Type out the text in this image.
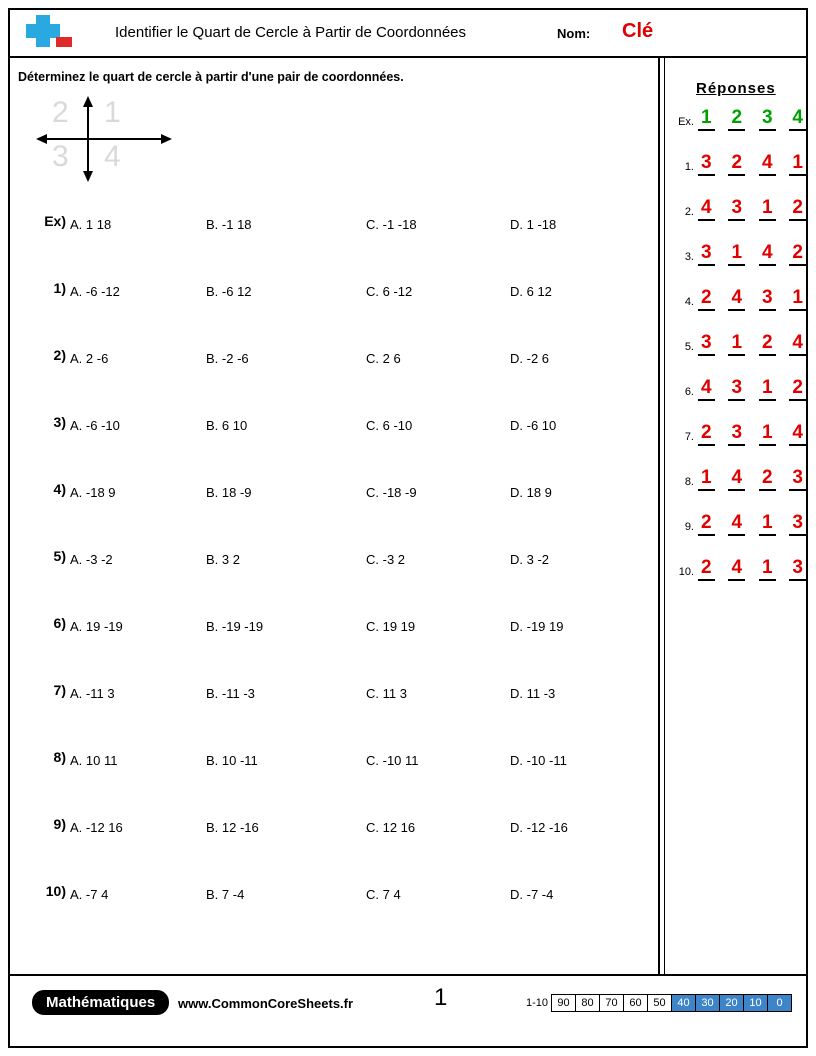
Identifier le Quart de Cercle à Partir de Coordonnées	Nom: Clé
Déterminez le quart de cercle à partir d'une pair de coordonnées.
2 1
3 4
Ex) A. 1 18	B. -1 18	C. -1 -18	D. 1 -18
1) A. -6 -12	B. -6 12	C. 6 -12	D. 6 12
2) A. 2 -6	B. -2 -6	C. 2 6	D. -2 6
3) A. -6 -10	B. 6 10	C. 6 -10	D. -6 10
4) A. -18 9	B. 18 -9	C. -18 -9	D. 18 9
5) A. -3 -2	B. 3 2	C. -3 2	D. 3 -2
6) A. 19 -19	B. -19 -19	C. 19 19	D. -19 19
7) A. -11 3	B. -11 -3	C. 11 3	D. 11 -3
8) A. 10 11	B. 10 -11	C. -10 11	D. -10 -11
9) A. -12 16	B. 12 -16	C. 12 16	D. -12 -16
10) A. -7 4	B. 7 -4	C. 7 4	D. -7 -4
Réponses
Ex. 1 2 3 4
1. 3 2 4 1
2. 4 3 1 2
3. 3 1 4 2
4. 2 4 3 1
5. 3 1 2 4
6. 4 3 1 2
7. 2 3 1 4
8. 1 4 2 3
9. 2 4 1 3
10. 2 4 1 3
Mathématiques	www.CommonCoreSheets.fr	1	1-10 90	80	70	60	50	40	30	20	10	0
